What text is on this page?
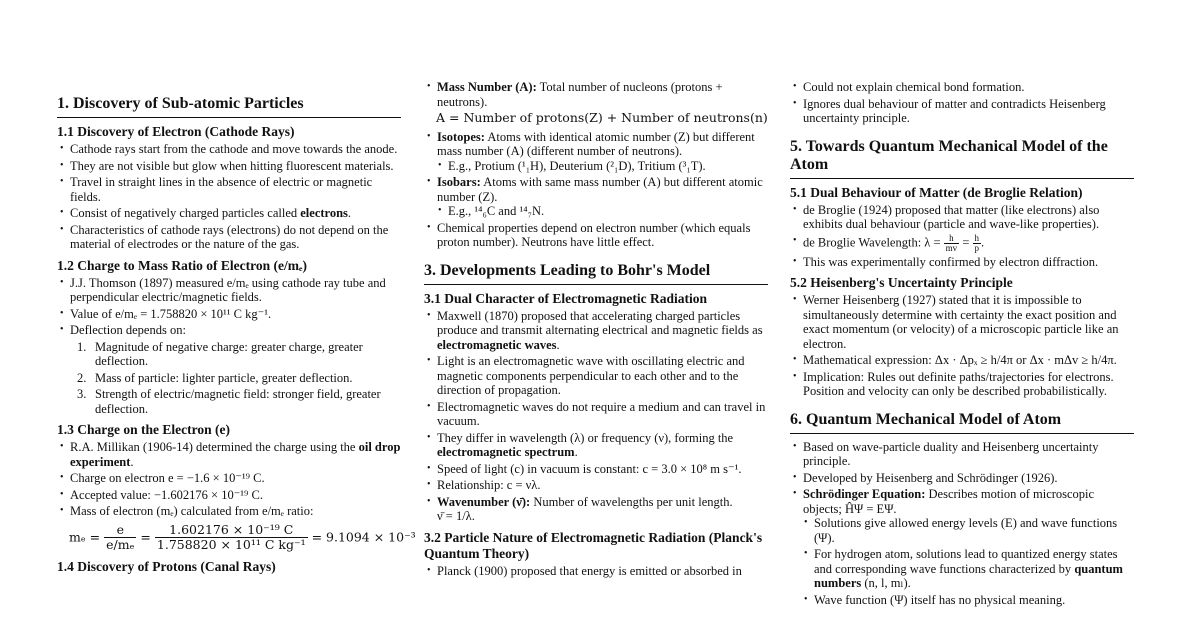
1. Discovery of Sub-atomic Particles
1.1 Discovery of Electron (Cathode Rays)
• Cathode rays start from the cathode and move towards the anode.
• They are not visible but glow when hitting fluorescent materials.
• Travel in straight lines in the absence of electric or magnetic fields.
• Consist of negatively charged particles called electrons.
• Characteristics of cathode rays (electrons) do not depend on the material of electrodes or the nature of the gas.
1.2 Charge to Mass Ratio of Electron (e/mₑ)
• J.J. Thomson (1897) measured e/mₑ using cathode ray tube and perpendicular electric/magnetic fields.
• Value of e/mₑ = 1.758820 × 10¹¹ C kg⁻¹.
• Deflection depends on:
1. Magnitude of negative charge: greater charge, greater deflection.
2. Mass of particle: lighter particle, greater deflection.
3. Strength of electric/magnetic field: stronger field, greater deflection.
1.3 Charge on the Electron (e)
• R.A. Millikan (1906-14) determined the charge using the oil drop experiment.
• Charge on electron e = −1.6 × 10⁻¹⁹ C.
• Accepted value: −1.602176 × 10⁻¹⁹ C.
• Mass of electron (mₑ) calculated from e/mₑ ratio:
$m_e = \frac{e}{\text{e/mₑ}} = \frac{\text{1.602176 × 10⁻¹⁹ C}}{\text{1.758820 × 10¹¹ C kg⁻¹}} = 9.1094 \times 10^{-3}$
1.4 Discovery of Protons (Canal Rays)
• Mass Number (A): Total number of nucleons (protons + neutrons).
A = Number of protons(Z) + Number of neutrons(n)
• Isotopes: Atoms with identical atomic number (Z) but different mass number (A) (different number of neutrons).
• E.g., Protium (¹₁H), Deuterium (²₁D), Tritium (³₁T).
• Isobars: Atoms with same mass number (A) but different atomic number (Z).
• E.g., ¹⁴₆C and ¹⁴₇N.
• Chemical properties depend on electron number (which equals proton number). Neutrons have little effect.
3. Developments Leading to Bohr's Model
3.1 Dual Character of Electromagnetic Radiation
• Maxwell (1870) proposed that accelerating charged particles produce and transmit alternating electrical and magnetic fields as electromagnetic waves.
• Light is an electromagnetic wave with oscillating electric and magnetic components perpendicular to each other and to the direction of propagation.
• Electromagnetic waves do not require a medium and can travel in vacuum.
• They differ in wavelength (λ) or frequency (ν), forming the electromagnetic spectrum.
• Speed of light (c) in vacuum is constant: c = 3.0 × 10⁸ m s⁻¹.
• Relationship: c = νλ.
• Wavenumber (ν̄): Number of wavelengths per unit length.
ν̄ = 1/λ.
3.2 Particle Nature of Electromagnetic Radiation (Planck's Quantum Theory)
• Planck (1900) proposed that energy is emitted or absorbed in
• Could not explain chemical bond formation.
• Ignores dual behaviour of matter and contradicts Heisenberg uncertainty principle.
5. Towards Quantum Mechanical Model of the Atom
5.1 Dual Behaviour of Matter (de Broglie Relation)
• de Broglie (1924) proposed that matter (like electrons) also exhibits dual behaviour (particle and wave-like properties).
• de Broglie Wavelength: $\lambda = \frac{h}{mv} = \frac{h}{p}$ .
• This was experimentally confirmed by electron diffraction.
5.2 Heisenberg's Uncertainty Principle
• Werner Heisenberg (1927) stated that it is impossible to simultaneously determine with certainty the exact position and exact momentum (or velocity) of a microscopic particle like an electron.
• Mathematical expression: Δx · Δpₓ ≥ h/4π or Δx · mΔv ≥ h/4π.
• Implication: Rules out definite paths/trajectories for electrons. Position and velocity can only be described probabilistically.
6. Quantum Mechanical Model of Atom
• Based on wave-particle duality and Heisenberg uncertainty principle.
• Developed by Heisenberg and Schrödinger (1926).
• Schrödinger Equation: Describes motion of microscopic objects; ĤΨ = EΨ.
• Solutions give allowed energy levels (E) and wave functions (Ψ).
• For hydrogen atom, solutions lead to quantized energy states and corresponding wave functions characterized by quantum numbers (n, l, mₗ).
• Wave function (Ψ) itself has no physical meaning.
